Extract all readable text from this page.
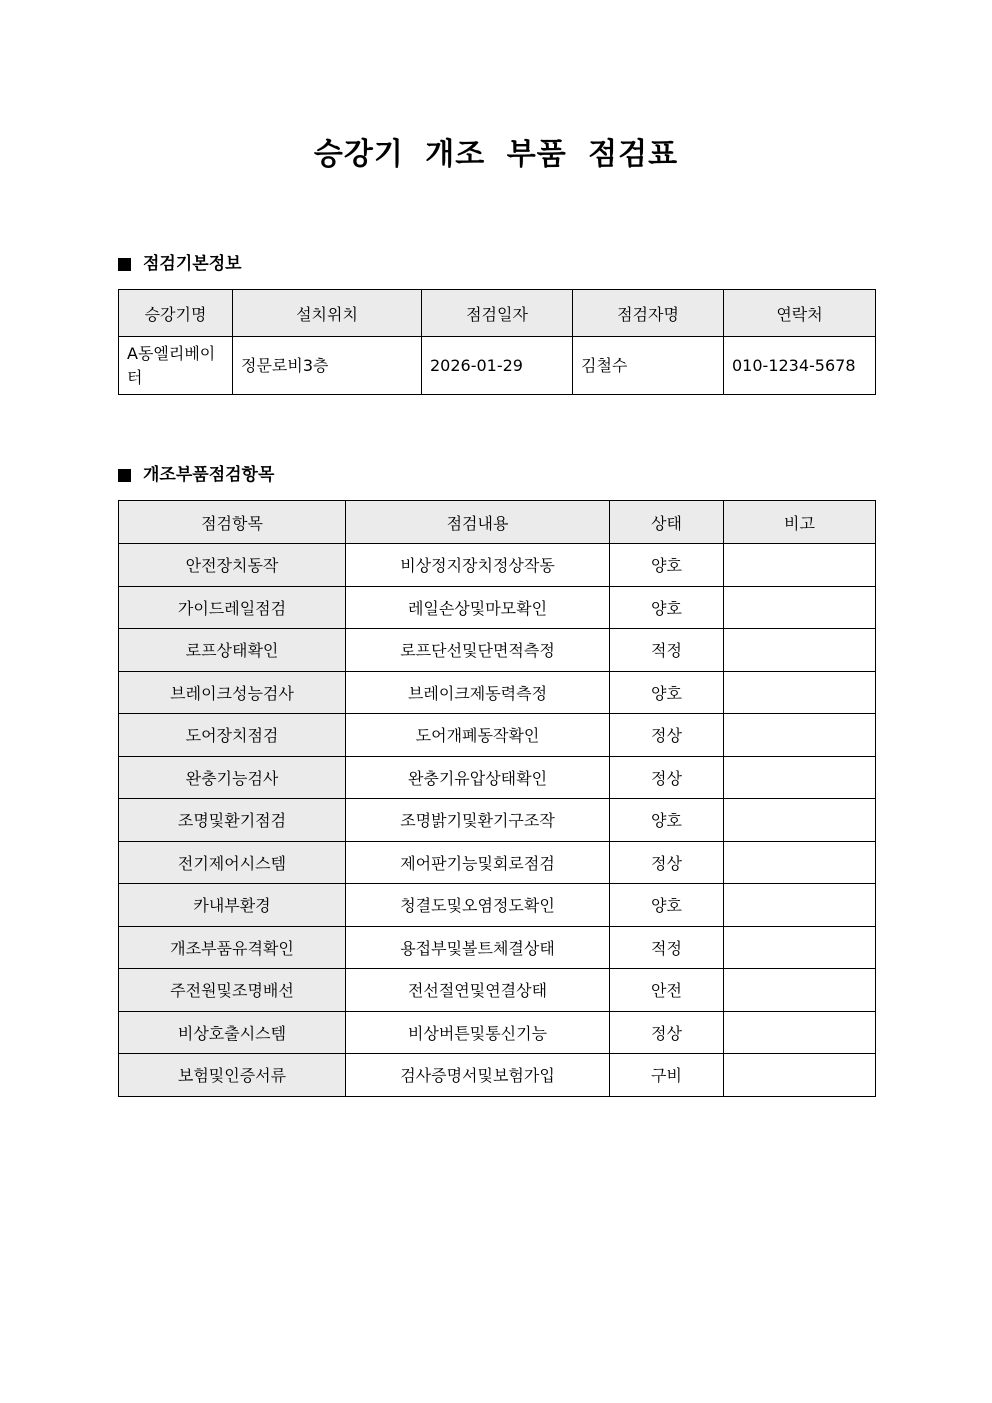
승강기 개조 부품 점검표
점검기본정보
승강기명	설치위치	점검일자	점검자명	연락처
A동엘리베이터	정문로비3층	2026-01-29	김철수	010-1234-5678
개조부품점검항목
점검항목	점검내용	상태	비고
안전장치동작	비상정지장치정상작동	양호	
가이드레일점검	레일손상및마모확인	양호	
로프상태확인	로프단선및단면적측정	적정	
브레이크성능검사	브레이크제동력측정	양호	
도어장치점검	도어개폐동작확인	정상	
완충기능검사	완충기유압상태확인	정상	
조명및환기점검	조명밝기및환기구조작	양호	
전기제어시스템	제어판기능및회로점검	정상	
카내부환경	청결도및오염정도확인	양호	
개조부품유격확인	용접부및볼트체결상태	적정	
주전원및조명배선	전선절연및연결상태	안전	
비상호출시스템	비상버튼및통신기능	정상	
보험및인증서류	검사증명서및보험가입	구비	
